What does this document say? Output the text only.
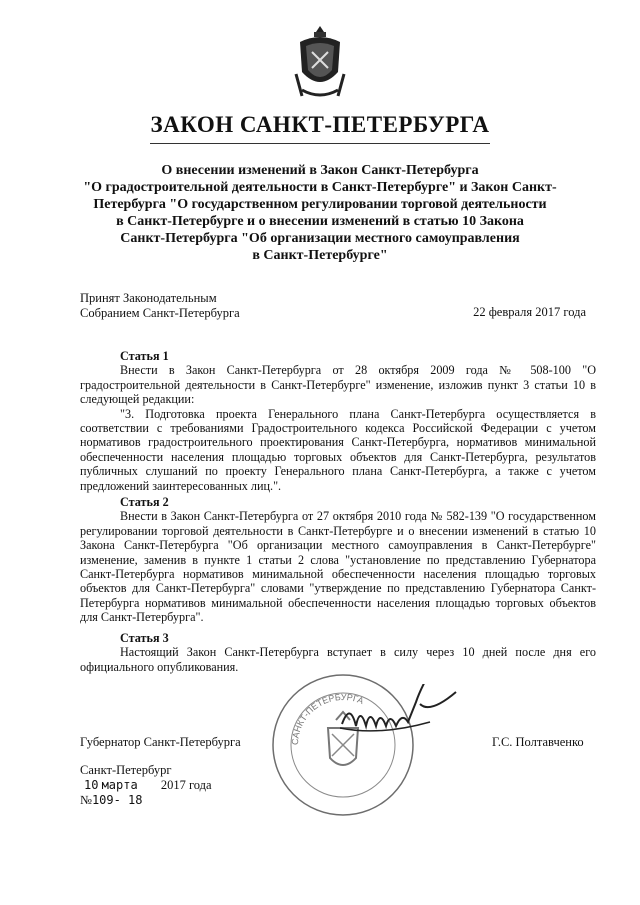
ЗАКОН САНКТ-ПЕТЕРБУРГА
О внесении изменений в Закон Санкт-Петербурга
"О градостроительной деятельности в Санкт-Петербурге" и Закон Санкт-
Петербурга "О государственном регулировании торговой деятельности
в Санкт-Петербурге и о внесении изменений в статью 10 Закона
Санкт-Петербурга "Об организации местного самоуправления
в Санкт-Петербурге"
Принят Законодательным
Собранием Санкт-Петербурга	22 февраля 2017 года
Статья 1

Внести в Закон Санкт-Петербурга от 28 октября 2009 года № 508-100 "О градостроительной деятельности в Санкт-Петербурге" изменение, изложив пункт 3 статьи 10 в следующей редакции:

"3. Подготовка проекта Генерального плана Санкт-Петербурга осуществляется в соответствии с требованиями Градостроительного кодекса Российской Федерации с учетом нормативов градостроительного проектирования Санкт-Петербурга, нормативов минимальной обеспеченности населения площадью торговых объектов для Санкт-Петербурга, результатов публичных слушаний по проекту Генерального плана Санкт-Петербурга, а также с учетом предложений заинтересованных лиц.".

Статья 2

Внести в Закон Санкт-Петербурга от 27 октября 2010 года № 582-139 "О государственном регулировании торговой деятельности в Санкт-Петербурге и о внесении изменений в статью 10 Закона Санкт-Петербурга "Об организации местного самоуправления в Санкт-Петербурге" изменение, заменив в пункте 1 статьи 2 слова "установление по представлению Губернатора Санкт-Петербурга нормативов минимальной обеспеченности населения площадью торговых объектов для Санкт-Петербурга" словами "утверждение по представлению Губернатора Санкт-Петербурга нормативов минимальной обеспеченности населения площадью торговых объектов для Санкт-Петербурга".

Статья 3

Настоящий Закон Санкт-Петербурга вступает в силу через 10 дней после дня его официального опубликования.

САНКТ-ПЕТЕРБУРГА
Губернатор Санкт-Петербурга	Г.С. Полтавченко
Санкт-Петербург
10 марта 2017 года
№109- 18
